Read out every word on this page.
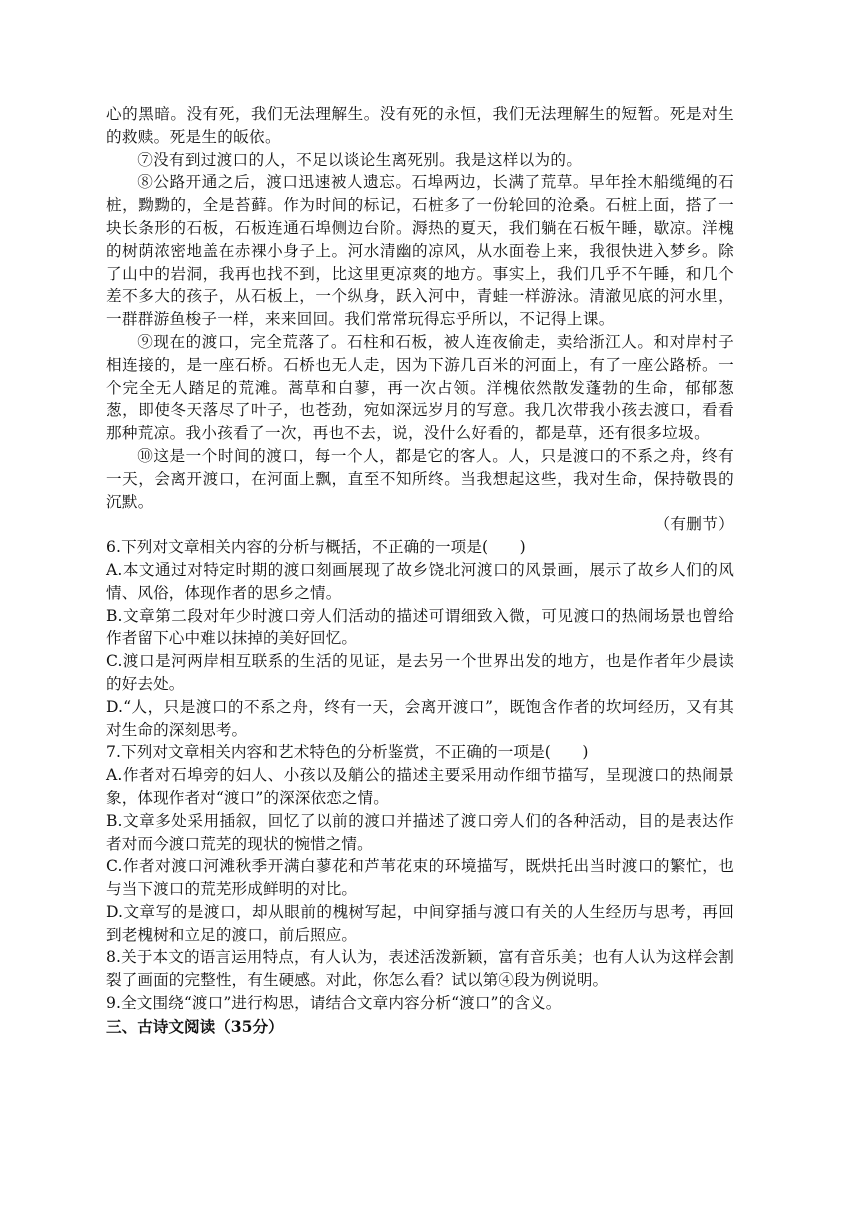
心的黑暗。没有死，我们无法理解生。没有死的永恒，我们无法理解生的短暂。死是对生的救赎。死是生的皈依。

⑦没有到过渡口的人，不足以谈论生离死别。我是这样以为的。

⑧公路开通之后，渡口迅速被人遗忘。石埠两边，长满了荒草。早年拴木船缆绳的石桩，黝黝的，全是苔藓。作为时间的标记，石桩多了一份轮回的沧桑。石桩上面，搭了一块长条形的石板，石板连通石埠侧边台阶。溽热的夏天，我们躺在石板午睡，歇凉。洋槐的树荫浓密地盖在赤裸小身子上。河水清幽的凉风，从水面卷上来，我很快进入梦乡。除了山中的岩洞，我再也找不到，比这里更凉爽的地方。事实上，我们几乎不午睡，和几个差不多大的孩子，从石板上，一个纵身，跃入河中，青蛙一样游泳。清澈见底的河水里，一群群游鱼梭子一样，来来回回。我们常常玩得忘乎所以，不记得上课。

⑨现在的渡口，完全荒落了。石柱和石板，被人连夜偷走，卖给浙江人。和对岸村子相连接的，是一座石桥。石桥也无人走，因为下游几百米的河面上，有了一座公路桥。一个完全无人踏足的荒滩。蒿草和白蓼，再一次占领。洋槐依然散发蓬勃的生命，郁郁葱葱，即使冬天落尽了叶子，也苍劲，宛如深远岁月的写意。我几次带我小孩去渡口，看看那种荒凉。我小孩看了一次，再也不去，说，没什么好看的，都是草，还有很多垃圾。

⑩这是一个时间的渡口，每一个人，都是它的客人。人，只是渡口的不系之舟，终有一天，会离开渡口，在河面上飘，直至不知所终。当我想起这些，我对生命，保持敬畏的沉默。

（有删节）

6.下列对文章相关内容的分析与概括，不正确的一项是(　　)

A.本文通过对特定时期的渡口刻画展现了故乡饶北河渡口的风景画，展示了故乡人们的风情、风俗，体现作者的思乡之情。

B.文章第二段对年少时渡口旁人们活动的描述可谓细致入微，可见渡口的热闹场景也曾给作者留下心中难以抹掉的美好回忆。

C.渡口是河两岸相互联系的生活的见证，是去另一个世界出发的地方，也是作者年少晨读的好去处。

D.“人，只是渡口的不系之舟，终有一天，会离开渡口”，既饱含作者的坎坷经历，又有其对生命的深刻思考。

7.下列对文章相关内容和艺术特色的分析鉴赏，不正确的一项是(　　)

A.作者对石埠旁的妇人、小孩以及艄公的描述主要采用动作细节描写，呈现渡口的热闹景象，体现作者对“渡口”的深深依恋之情。

B.文章多处采用插叙，回忆了以前的渡口并描述了渡口旁人们的各种活动，目的是表达作者对而今渡口荒芜的现状的惋惜之情。

C.作者对渡口河滩秋季开满白蓼花和芦苇花束的环境描写，既烘托出当时渡口的繁忙，也与当下渡口的荒芜形成鲜明的对比。

D.文章写的是渡口，却从眼前的槐树写起，中间穿插与渡口有关的人生经历与思考，再回到老槐树和立足的渡口，前后照应。

8.关于本文的语言运用特点，有人认为，表述活泼新颖，富有音乐美；也有人认为这样会割裂了画面的完整性，有生硬感。对此，你怎么看？试以第④段为例说明。

9.全文围绕“渡口”进行构思，请结合文章内容分析“渡口”的含义。

三、古诗文阅读（35分）
